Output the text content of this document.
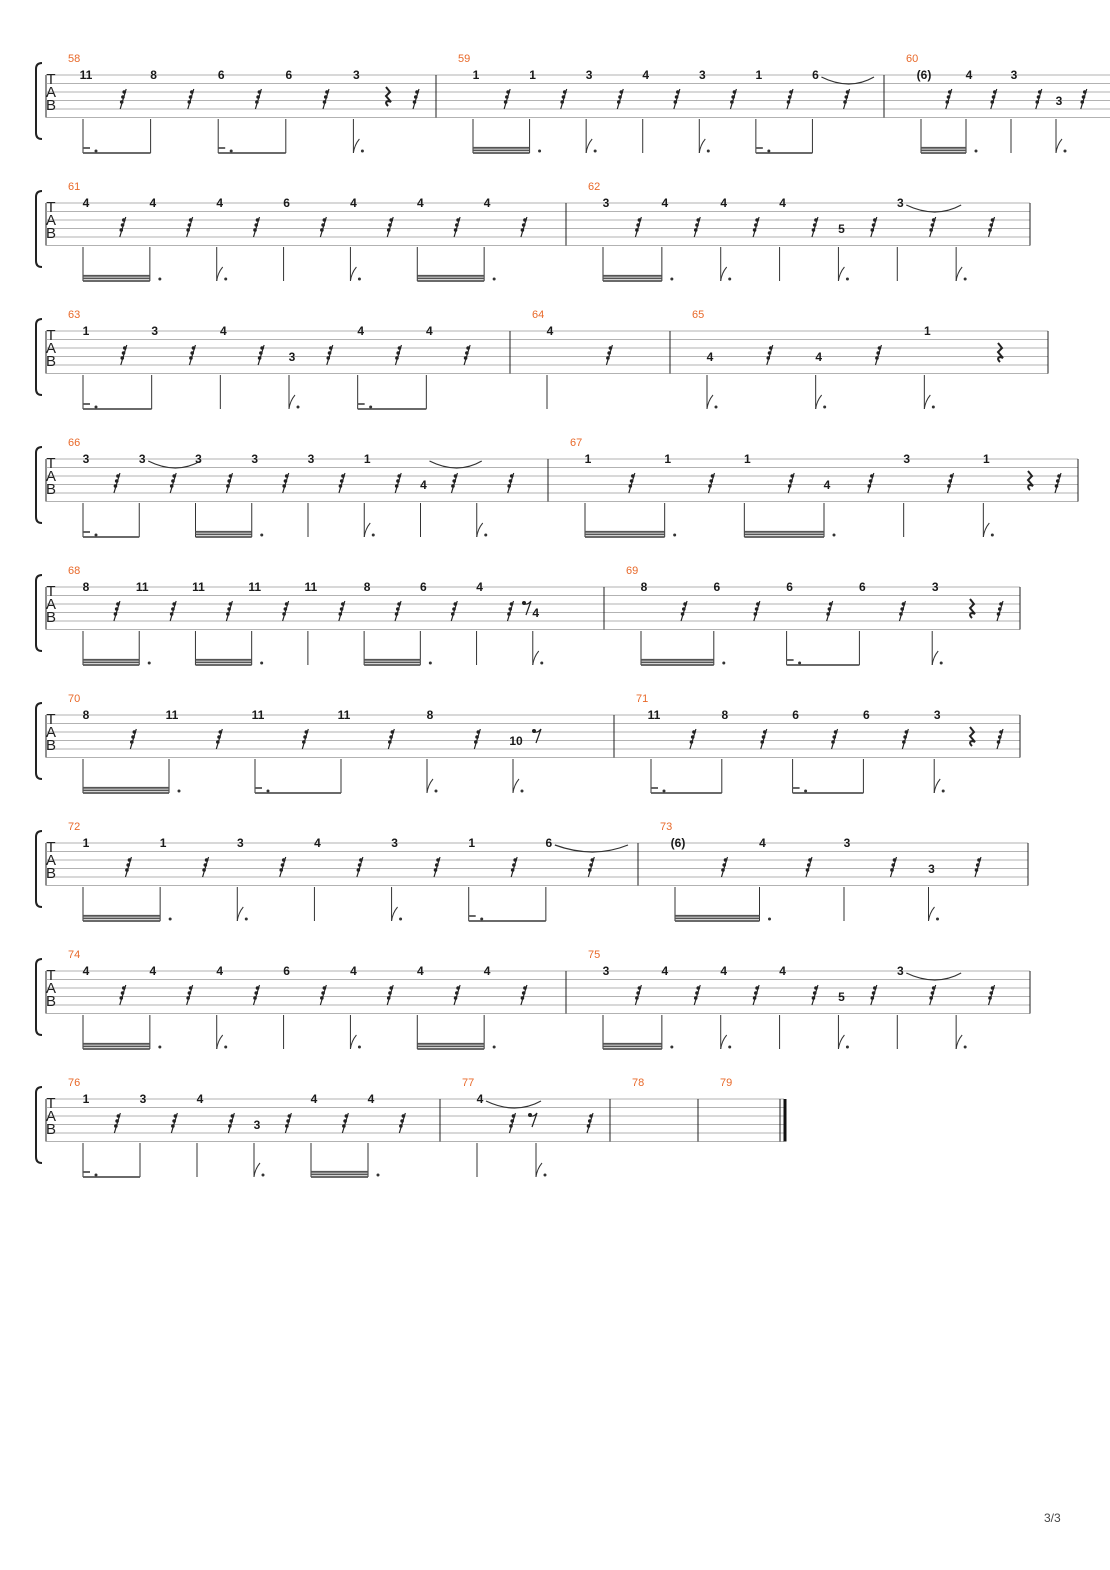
T
A
B
58
11	8	6	6	3
59
1	1	3	4	3	1	6
60
(6)	4	3
3
T
A
B
61
4	4	4	6	4	4	4
62
3	4	4	4
5
3
T
A
B
63
1	3	4
3
4	4
64
4
65
4	4
1
T
A
B
66
3	3	3	3	3	1
4
67
1	1	1
4
3	1
T
A
B
68
8	11	11	11	11	8	6	4
4
69
8	6	6	6	3
T
A
B
70
8	11	11	11	8
10
71
11	8	6	6	3
T
A
B
72
1	1	3	4	3	1	6
73
(6)	4	3
3
T
A
B
74
4	4	4	6	4	4	4
75
3	4	4	4
5
3
T
A
B
76
1	3	4
3
4	4
77
4
78	79
3/3
